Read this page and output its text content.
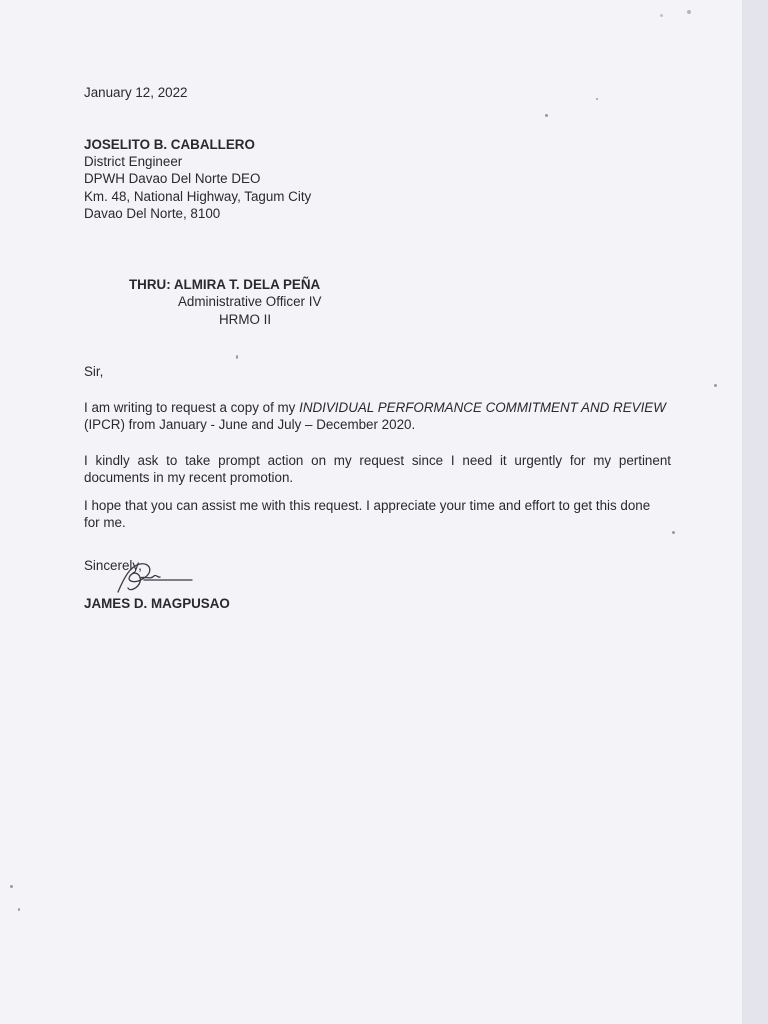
January 12, 2022
JOSELITO B. CABALLERO
District Engineer
DPWH Davao Del Norte DEO
Km. 48, National Highway, Tagum City
Davao Del Norte, 8100
THRU: ALMIRA T. DELA PEÑA
Administrative Officer IV
HRMO II
Sir,
I am writing to request a copy of my INDIVIDUAL PERFORMANCE COMMITMENT AND REVIEW
(IPCR) from January - June and July – December 2020.
I kindly ask to take prompt action on my request since I need it urgently for my pertinent
documents in my recent promotion.
I hope that you can assist me with this request. I appreciate your time and effort to get this done
for me.
Sincerely,
JAMES D. MAGPUSAO
